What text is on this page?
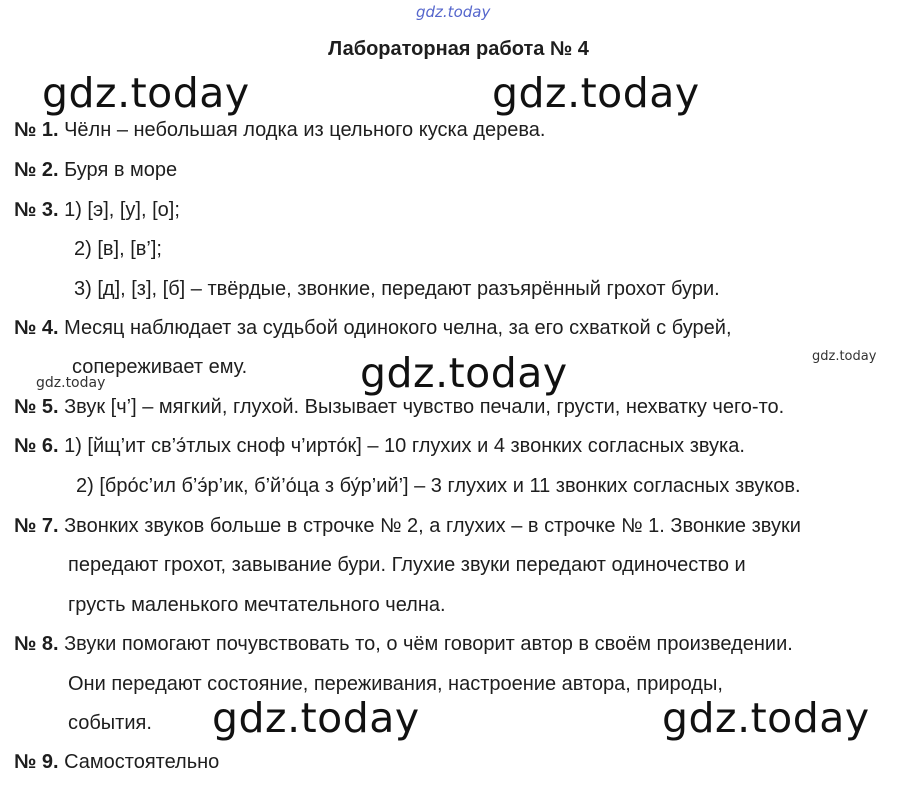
gdz.today
Лабораторная работа № 4
gdz.today	gdz.today
gdz.today
gdz.today	gdz.today
gdz.today
gdz.today
№ 1. Чёлн – небольшая лодка из цельного куска дерева.
№ 2. Буря в море
№ 3. 1) [э], [у], [о];
2) [в], [в’];
3) [д], [з], [б] – твёрдые, звонкие, передают разъярённый грохот бури.
№ 4. Месяц наблюдает за судьбой одинокого челна, за его схваткой с бурей,
сопереживает ему.
№ 5. Звук [ч’] – мягкий, глухой. Вызывает чувство печали, грусти, нехватку чего-то.
№ 6. 1) [йщ’ит св’э́тлых сноф ч’ирто́к] – 10 глухих и 4 звонких согласных звука.
2) [бро́с’ил б’э́р’ик, б’й’о́ца з бу́р’ий’] – 3 глухих и 11 звонких согласных звуков.
№ 7. Звонких звуков больше в строчке № 2, а глухих – в строчке № 1. Звонкие звуки
передают грохот, завывание бури. Глухие звуки передают одиночество и
грусть маленького мечтательного челна.
№ 8. Звуки помогают почувствовать то, о чём говорит автор в своём произведении.
Они передают состояние, переживания, настроение автора, природы,
события.
№ 9. Самостоятельно
